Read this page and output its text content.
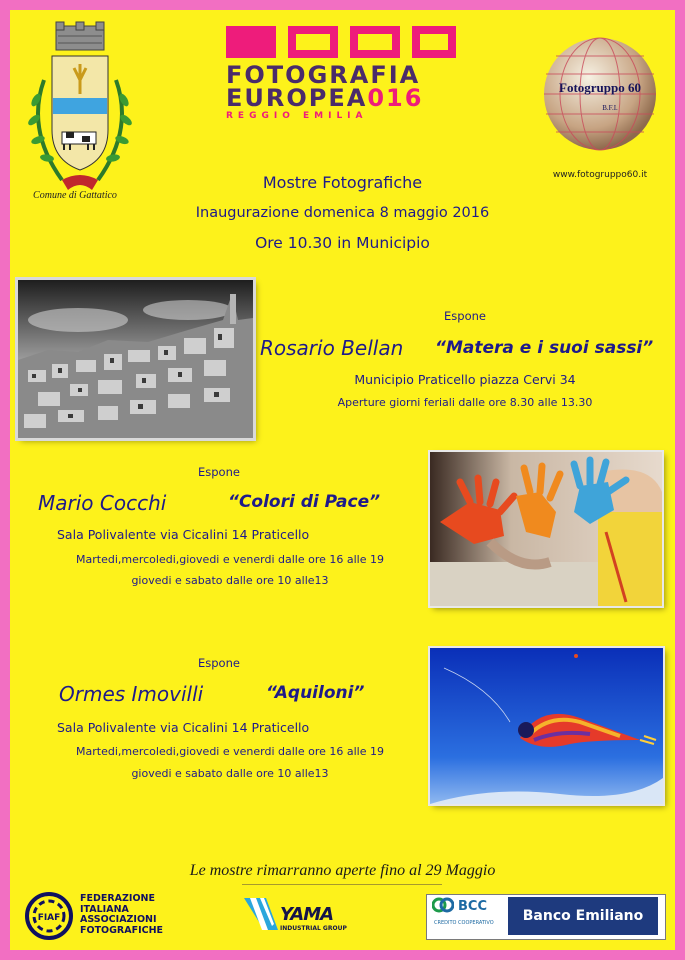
Comune di Gattatico
FOTOGRAFIA
EUROPEA016
REGGIO EMILIA
Fotogruppo 60
B.F.I.
www.fotogruppo60.it
Mostre Fotografiche
Inaugurazione domenica 8 maggio 2016
Ore 10.30 in Municipio
Espone
Rosario Bellan	“Matera e i suoi sassi”
Municipio Praticello piazza Cervi 34
Aperture giorni feriali dalle ore 8.30 alle 13.30
Espone
Mario Cocchi	“Colori di Pace”
Sala Polivalente via Cicalini 14 Praticello
Martedi,mercoledi,giovedi e venerdi dalle ore 16 alle 19
giovedi e sabato dalle ore 10 alle13
Espone
Ormes Imovilli	“Aquiloni”
Sala Polivalente via Cicalini 14 Praticello
Martedi,mercoledi,giovedi e venerdi dalle ore 16 alle 19
giovedi e sabato dalle ore 10 alle13
Le mostre rimarranno aperte fino al 29 Maggio
FIAF
FEDERAZIONE
ITALIANA
ASSOCIAZIONI
FOTOGRAFICHE
YAMA
INDUSTRIAL GROUP
BCC
CREDITO COOPERATIVO	Banco Emiliano
